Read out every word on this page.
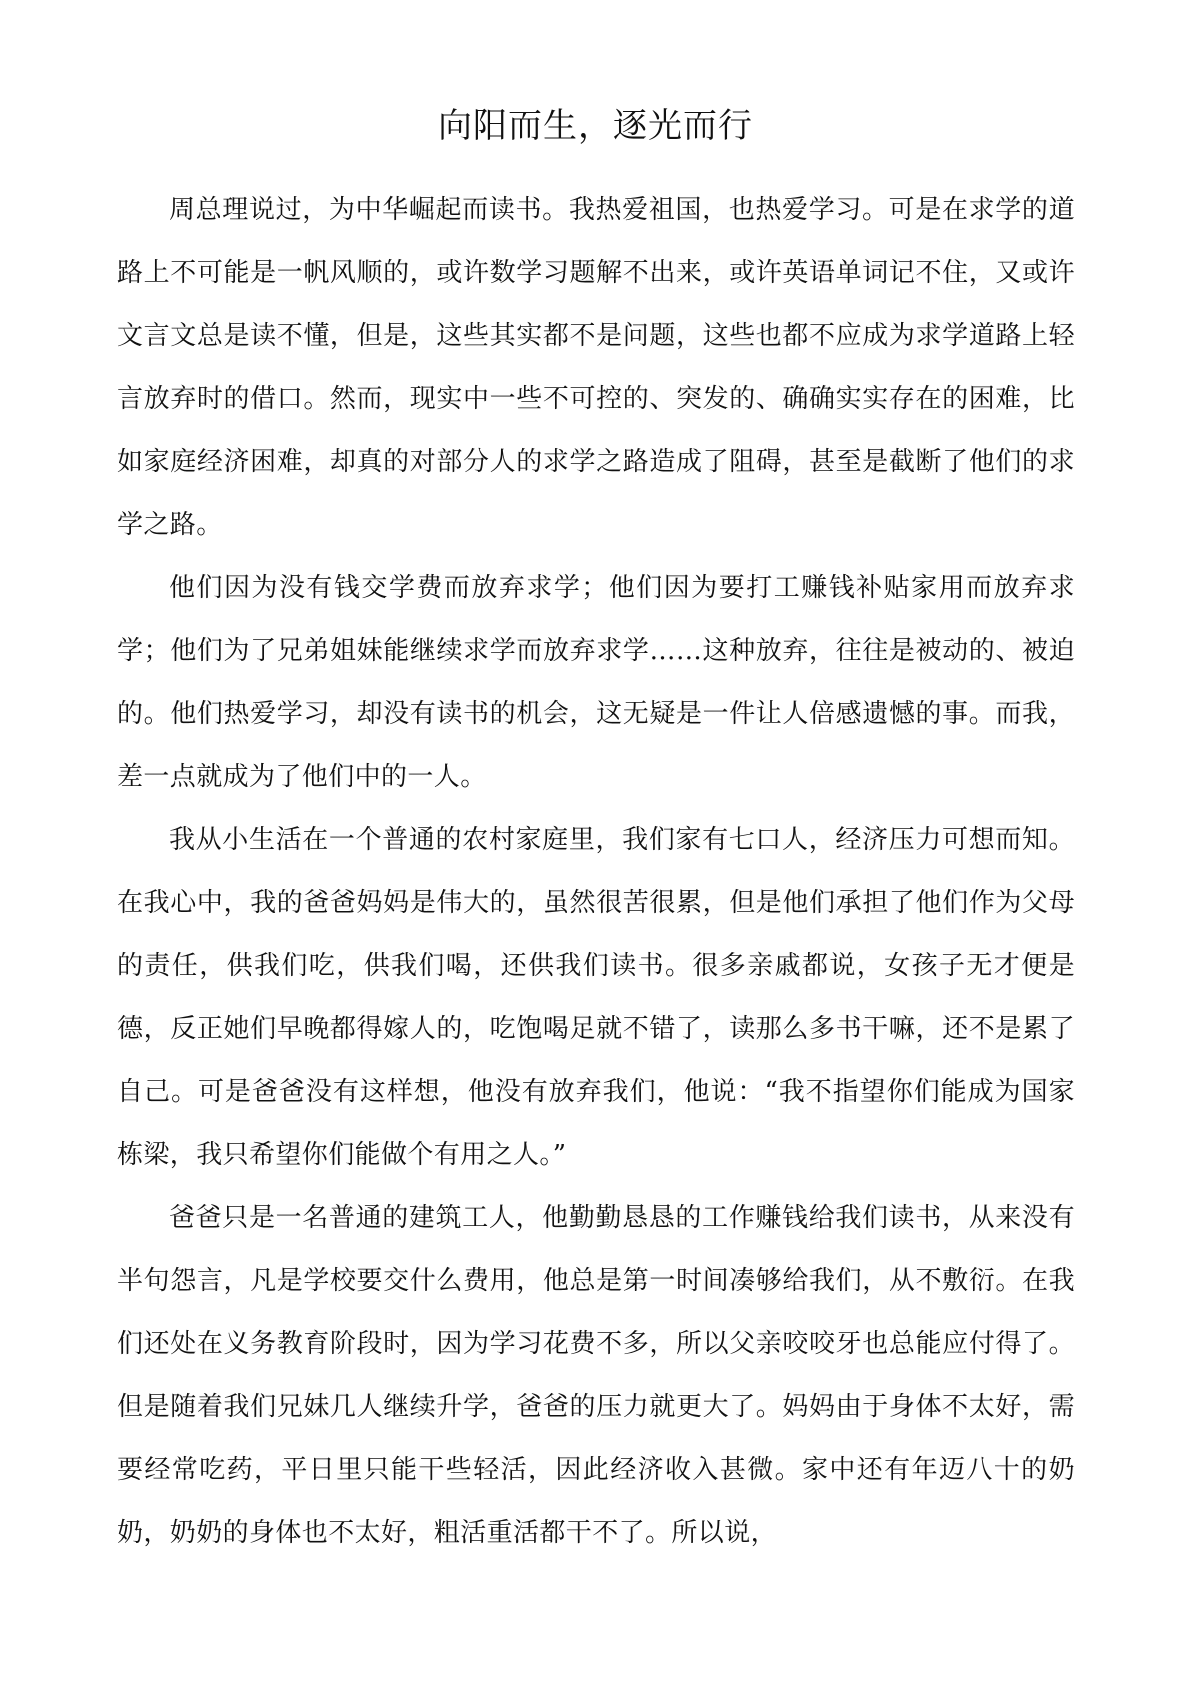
向阳而生，逐光而行

周总理说过，为中华崛起而读书。我热爱祖国，也热爱学习。可是在求学的道路上不可能是一帆风顺的，或许数学习题解不出来，或许英语单词记不住，又或许文言文总是读不懂，但是，这些其实都不是问题，这些也都不应成为求学道路上轻言放弃时的借口。然而，现实中一些不可控的、突发的、确确实实存在的困难，比如家庭经济困难，却真的对部分人的求学之路造成了阻碍，甚至是截断了他们的求学之路。

他们因为没有钱交学费而放弃求学；他们因为要打工赚钱补贴家用而放弃求学；他们为了兄弟姐妹能继续求学而放弃求学……这种放弃，往往是被动的、被迫的。他们热爱学习，却没有读书的机会，这无疑是一件让人倍感遗憾的事。而我，差一点就成为了他们中的一人。

我从小生活在一个普通的农村家庭里，我们家有七口人，经济压力可想而知。在我心中，我的爸爸妈妈是伟大的，虽然很苦很累，但是他们承担了他们作为父母的责任，供我们吃，供我们喝，还供我们读书。很多亲戚都说，女孩子无才便是德，反正她们早晚都得嫁人的，吃饱喝足就不错了，读那么多书干嘛，还不是累了自己。可是爸爸没有这样想，他没有放弃我们，他说：“我不指望你们能成为国家栋梁，我只希望你们能做个有用之人。”

爸爸只是一名普通的建筑工人，他勤勤恳恳的工作赚钱给我们读书，从来没有半句怨言，凡是学校要交什么费用，他总是第一时间凑够给我们，从不敷衍。在我们还处在义务教育阶段时，因为学习花费不多，所以父亲咬咬牙也总能应付得了。但是随着我们兄妹几人继续升学，爸爸的压力就更大了。妈妈由于身体不太好，需要经常吃药，平日里只能干些轻活，因此经济收入甚微。家中还有年迈八十的奶奶，奶奶的身体也不太好，粗活重活都干不了。所以说，
